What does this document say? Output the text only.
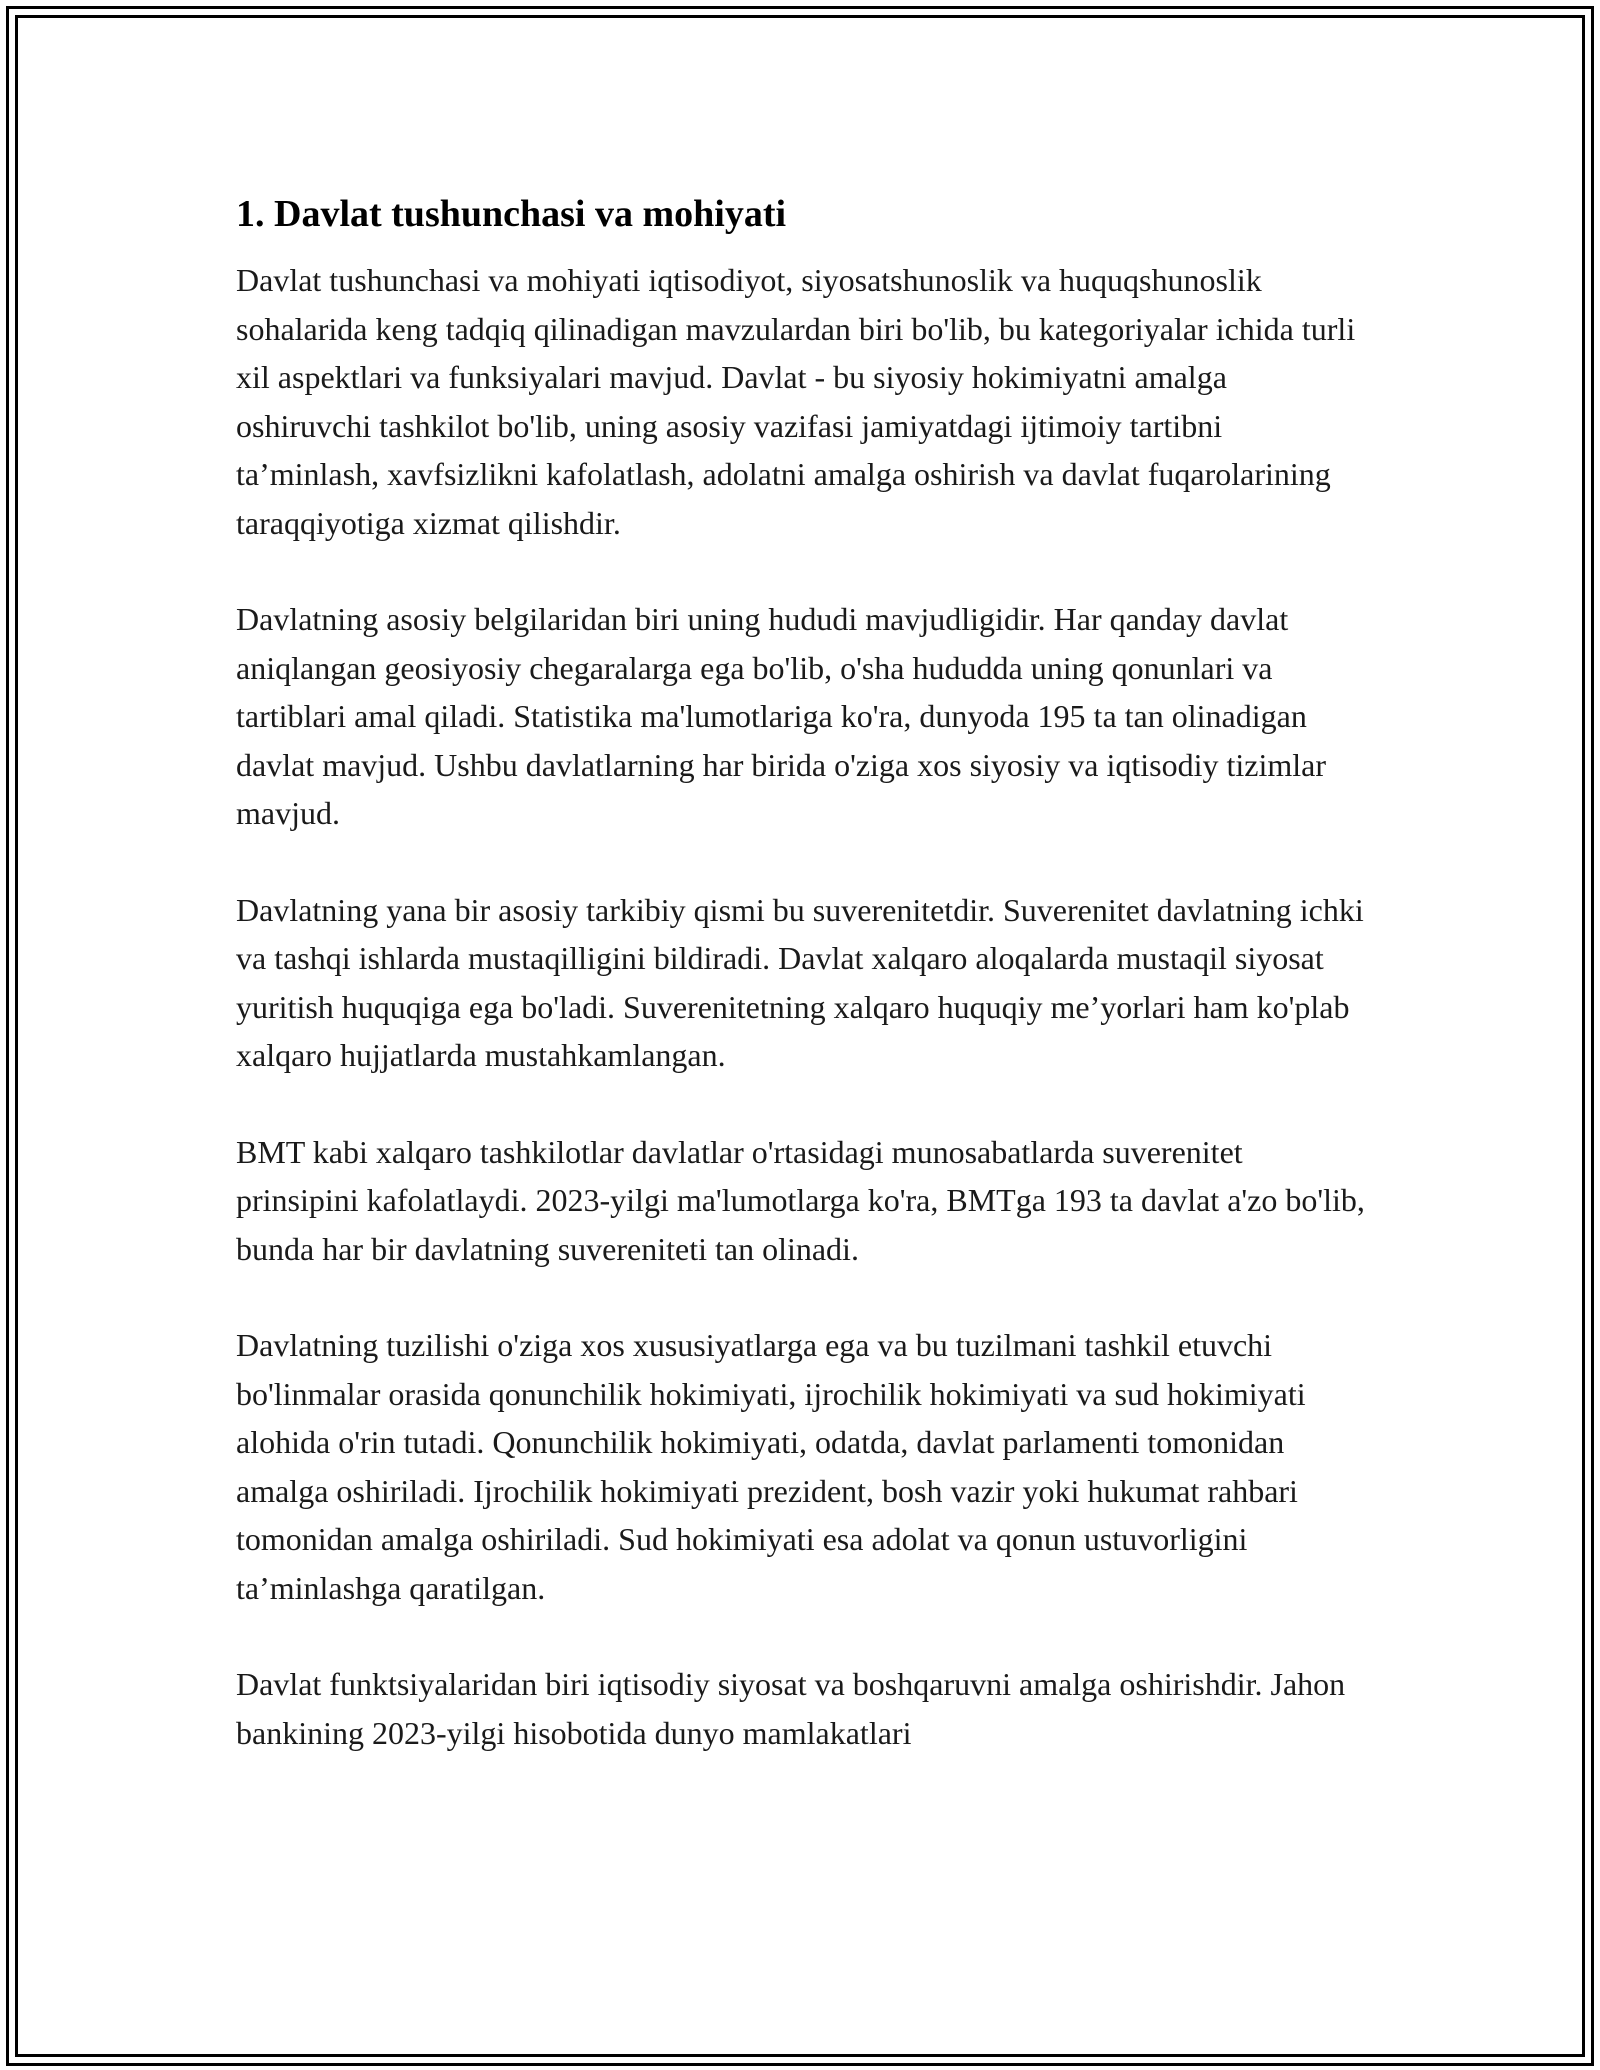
1. Davlat tushunchasi va mohiyati

Davlat tushunchasi va mohiyati iqtisodiyot, siyosatshunoslik va huquqshunoslik sohalarida keng tadqiq qilinadigan mavzulardan biri bo'lib, bu kategoriyalar ichida turli xil aspektlari va funksiyalari mavjud. Davlat - bu siyosiy hokimiyatni amalga oshiruvchi tashkilot bo'lib, uning asosiy vazifasi jamiyatdagi ijtimoiy tartibni ta’minlash, xavfsizlikni kafolatlash, adolatni amalga oshirish va davlat fuqarolarining taraqqiyotiga xizmat qilishdir.

Davlatning asosiy belgilaridan biri uning hududi mavjudligidir. Har qanday davlat aniqlangan geosiyosiy chegaralarga ega bo'lib, o'sha hududda uning qonunlari va tartiblari amal qiladi. Statistika ma'lumotlariga ko'ra, dunyoda 195 ta tan olinadigan davlat mavjud. Ushbu davlatlarning har birida o'ziga xos siyosiy va iqtisodiy tizimlar mavjud.

Davlatning yana bir asosiy tarkibiy qismi bu suverenitetdir. Suverenitet davlatning ichki va tashqi ishlarda mustaqilligini bildiradi. Davlat xalqaro aloqalarda mustaqil siyosat yuritish huquqiga ega bo'ladi. Suverenitetning xalqaro huquqiy me’yorlari ham ko'plab xalqaro hujjatlarda mustahkamlangan.

BMT kabi xalqaro tashkilotlar davlatlar o'rtasidagi munosabatlarda suverenitet prinsipini kafolatlaydi. 2023-yilgi ma'lumotlarga ko'ra, BMTga 193 ta davlat a'zo bo'lib, bunda har bir davlatning suvereniteti tan olinadi.

Davlatning tuzilishi o'ziga xos xususiyatlarga ega va bu tuzilmani tashkil etuvchi bo'linmalar orasida qonunchilik hokimiyati, ijrochilik hokimiyati va sud hokimiyati alohida o'rin tutadi. Qonunchilik hokimiyati, odatda, davlat parlamenti tomonidan amalga oshiriladi. Ijrochilik hokimiyati prezident, bosh vazir yoki hukumat rahbari tomonidan amalga oshiriladi. Sud hokimiyati esa adolat va qonun ustuvorligini ta’minlashga qaratilgan.

Davlat funktsiyalaridan biri iqtisodiy siyosat va boshqaruvni amalga oshirishdir. Jahon bankining 2023-yilgi hisobotida dunyo mamlakatlari
